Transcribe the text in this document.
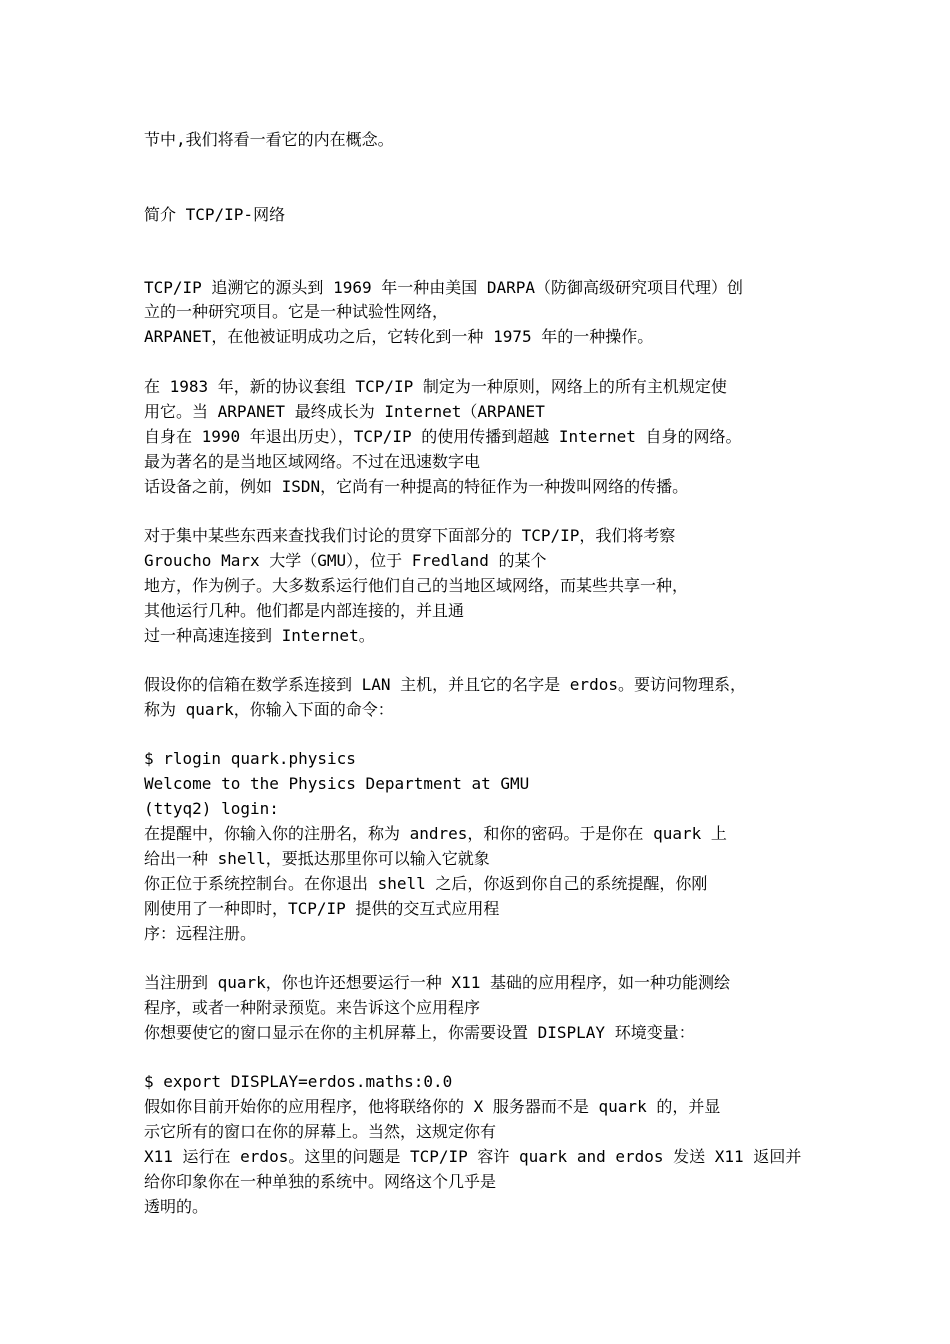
节中,我们将看一看它的内在概念。
简介 TCP/IP-网络
TCP/IP 追溯它的源头到 1969 年一种由美国 DARPA（防御高级研究项目代理）创
立的一种研究项目。它是一种试验性网络，
ARPANET，在他被证明成功之后，它转化到一种 1975 年的一种操作。
在 1983 年，新的协议套组 TCP/IP 制定为一种原则，网络上的所有主机规定使
用它。当 ARPANET 最终成长为 Internet（ARPANET
自身在 1990 年退出历史），TCP/IP 的使用传播到超越 Internet 自身的网络。
最为著名的是当地区域网络。不过在迅速数字电
话设备之前，例如 ISDN，它尚有一种提高的特征作为一种拨叫网络的传播。
对于集中某些东西来查找我们讨论的贯穿下面部分的 TCP/IP，我们将考察
Groucho Marx 大学（GMU），位于 Fredland 的某个
地方，作为例子。大多数系运行他们自己的当地区域网络，而某些共享一种，
其他运行几种。他们都是内部连接的，并且通
过一种高速连接到 Internet。
假设你的信箱在数学系连接到 LAN 主机，并且它的名字是 erdos。要访问物理系，
称为 quark，你输入下面的命令：
$ rlogin quark.physics
Welcome to the Physics Department at GMU
(ttyq2) login:
在提醒中，你输入你的注册名，称为 andres，和你的密码。于是你在 quark 上
给出一种 shell，要抵达那里你可以输入它就象
你正位于系统控制台。在你退出 shell 之后，你返到你自己的系统提醒，你刚
刚使用了一种即时，TCP/IP 提供的交互式应用程
序：远程注册。
当注册到 quark，你也许还想要运行一种 X11 基础的应用程序，如一种功能测绘
程序，或者一种附录预览。来告诉这个应用程序
你想要使它的窗口显示在你的主机屏幕上，你需要设置 DISPLAY 环境变量：
$ export DISPLAY=erdos.maths:0.0
假如你目前开始你的应用程序，他将联络你的 X 服务器而不是 quark 的，并显
示它所有的窗口在你的屏幕上。当然，这规定你有
X11 运行在 erdos。这里的问题是 TCP/IP 容许 quark and erdos 发送 X11 返回并
给你印象你在一种单独的系统中。网络这个几乎是
透明的。
